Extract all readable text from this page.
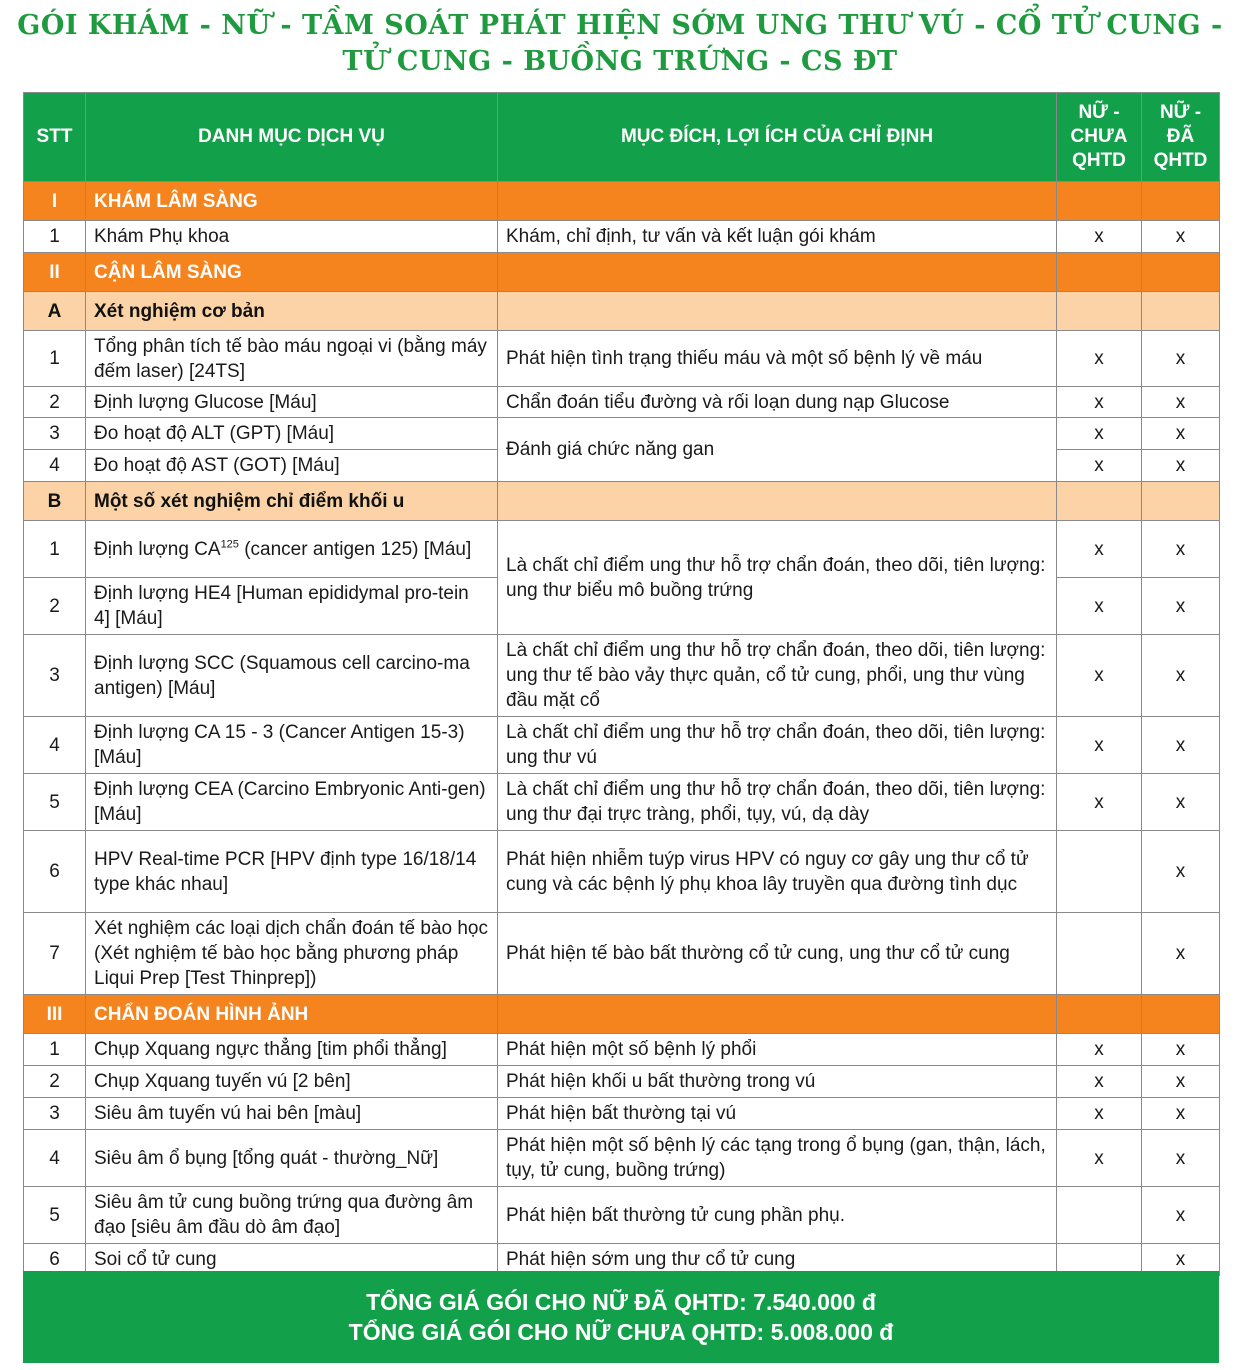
GÓI KHÁM - NỮ - TẦM SOÁT PHÁT HIỆN SỚM UNG THƯ VÚ - CỔ TỬ CUNG -
TỬ CUNG - BUỒNG TRỨNG - CS ĐT
STT	DANH MỤC DỊCH VỤ	MỤC ĐÍCH, LỢI ÍCH CỦA CHỈ ĐỊNH	NỮ - CHƯA QHTD	NỮ - ĐÃ QHTD
I	KHÁM LÂM SÀNG			
1	Khám Phụ khoa	Khám, chỉ định, tư vấn và kết luận gói khám	x	x
II	CẬN LÂM SÀNG			
A	Xét nghiệm cơ bản			
1	Tổng phân tích tế bào máu ngoại vi (bằng máy đếm laser) [24TS]	Phát hiện tình trạng thiếu máu và một số bệnh lý về máu	x	x
2	Định lượng Glucose [Máu]	Chẩn đoán tiểu đường và rối loạn dung nạp Glucose	x	x
3	Đo hoạt độ ALT (GPT) [Máu]	Đánh giá chức năng gan	x	x
4	Đo hoạt độ AST (GOT) [Máu]		x	x
B	Một số xét nghiệm chỉ điểm khối u			
1	Định lượng CA$^{125}$ (cancer antigen 125) [Máu]	Là chất chỉ điểm ung thư hỗ trợ chẩn đoán, theo dõi, tiên lượng: ung thư biểu mô buồng trứng	x	x
2	Định lượng HE4 [Human epididymal pro-tein 4] [Máu]		x	x
3	Định lượng SCC (Squamous cell carcino-ma antigen) [Máu]	Là chất chỉ điểm ung thư hỗ trợ chẩn đoán, theo dõi, tiên lượng: ung thư tế bào vảy thực quản, cổ tử cung, phổi, ung thư vùng đầu mặt cổ	x	x
4	Định lượng CA 15 - 3 (Cancer Antigen 15-3) [Máu]	Là chất chỉ điểm ung thư hỗ trợ chẩn đoán, theo dõi, tiên lượng: ung thư vú	x	x
5	Định lượng CEA (Carcino Embryonic Anti-gen) [Máu]	Là chất chỉ điểm ung thư hỗ trợ chẩn đoán, theo dõi, tiên lượng: ung thư đại trực tràng, phổi, tụy, vú, dạ dày	x	x
6	HPV Real-time PCR [HPV định type 16/18/14 type khác nhau]	Phát hiện nhiễm tuýp virus HPV có nguy cơ gây ung thư cổ tử cung và các bệnh lý phụ khoa lây truyền qua đường tình dục		x
7	Xét nghiệm các loại dịch chẩn đoán tế bào học (Xét nghiệm tế bào học bằng phương pháp Liqui Prep [Test Thinprep])	Phát hiện tế bào bất thường cổ tử cung, ung thư cổ tử cung		x
III	CHẨN ĐOÁN HÌNH ẢNH			
1	Chụp Xquang ngực thẳng [tim phổi thẳng]	Phát hiện một số bệnh lý phổi	x	x
2	Chụp Xquang tuyến vú [2 bên]	Phát hiện khối u bất thường trong vú	x	x
3	Siêu âm tuyến vú hai bên [màu]	Phát hiện bất thường tại vú	x	x
4	Siêu âm ổ bụng [tổng quát - thường_Nữ]	Phát hiện một số bệnh lý các tạng trong ổ bụng (gan, thận, lách, tụy, tử cung, buồng trứng)	x	x
5	Siêu âm tử cung buồng trứng qua đường âm đạo [siêu âm đầu dò âm đạo]	Phát hiện bất thường tử cung phần phụ.		x
6	Soi cổ tử cung	Phát hiện sớm ung thư cổ tử cung		x
TỔNG GIÁ GÓI CHO NỮ ĐÃ QHTD: 7.540.000 đ
TỔNG GIÁ GÓI CHO NỮ CHƯA QHTD: 5.008.000 đ
